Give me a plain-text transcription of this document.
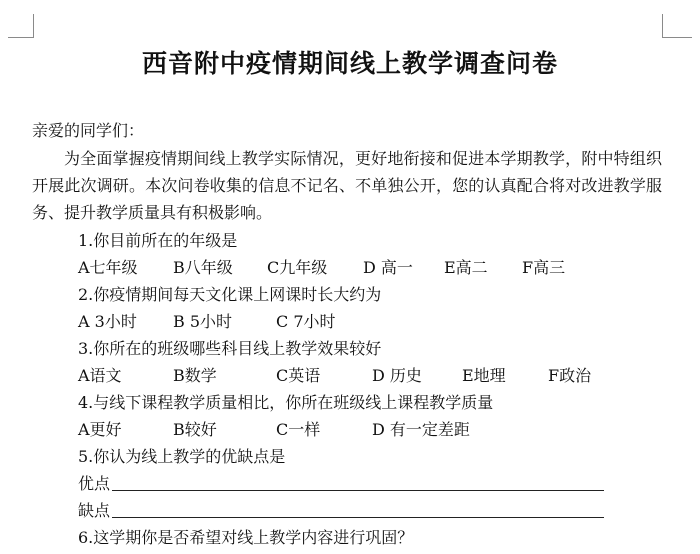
西音附中疫情期间线上教学调查问卷
亲爱的同学们：
为全面掌握疫情期间线上教学实际情况，更好地衔接和促进本学期教学，附中特组织开展此次调研。本次问卷收集的信息不记名、不单独公开，您的认真配合将对改进教学服务、提升教学质量具有积极影响。
1.你目前所在的年级是
A七年级 B八年级 C九年级 D 高一 E高二 F高三
2.你疫情期间每天文化课上网课时长大约为
A 3小时 B 5小时	C 7小时
3.你所在的班级哪些科目线上教学效果较好
A语文	B数学	C英语	D 历史	E地理	F政治
4.与线下课程教学质量相比，你所在班级线上课程教学质量
A更好	B较好	C一样	D 有一定差距
5.你认为线上教学的优缺点是
优点
缺点
6.这学期你是否希望对线上教学内容进行巩固？
